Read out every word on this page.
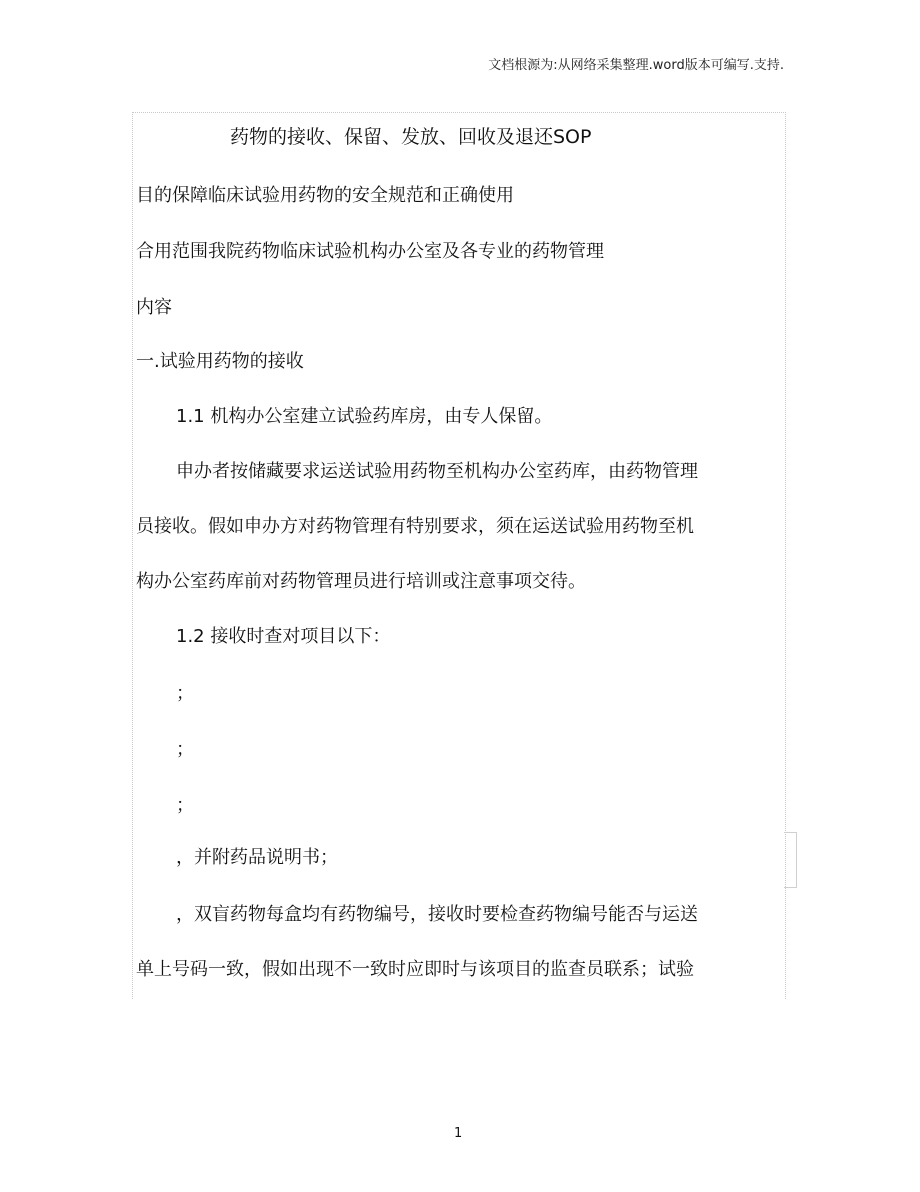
文档根源为:从网络采集整理.word版本可编写.支持.
药物的接收、保留、发放、回收及退还SOP
目的保障临床试验用药物的安全规范和正确使用
合用范围我院药物临床试验机构办公室及各专业的药物管理
内容
一.试验用药物的接收
1.1 机构办公室建立试验药库房，由专人保留。
申办者按储藏要求运送试验用药物至机构办公室药库，由药物管理
员接收。假如申办方对药物管理有特别要求，须在运送试验用药物至机
构办公室药库前对药物管理员进行培训或注意事项交待。
1.2 接收时查对项目以下：
；
；
；
，并附药品说明书；
，双盲药物每盒均有药物编号，接收时要检查药物编号能否与运送
单上号码一致，假如出现不一致时应即时与该项目的监查员联系；试验
1
